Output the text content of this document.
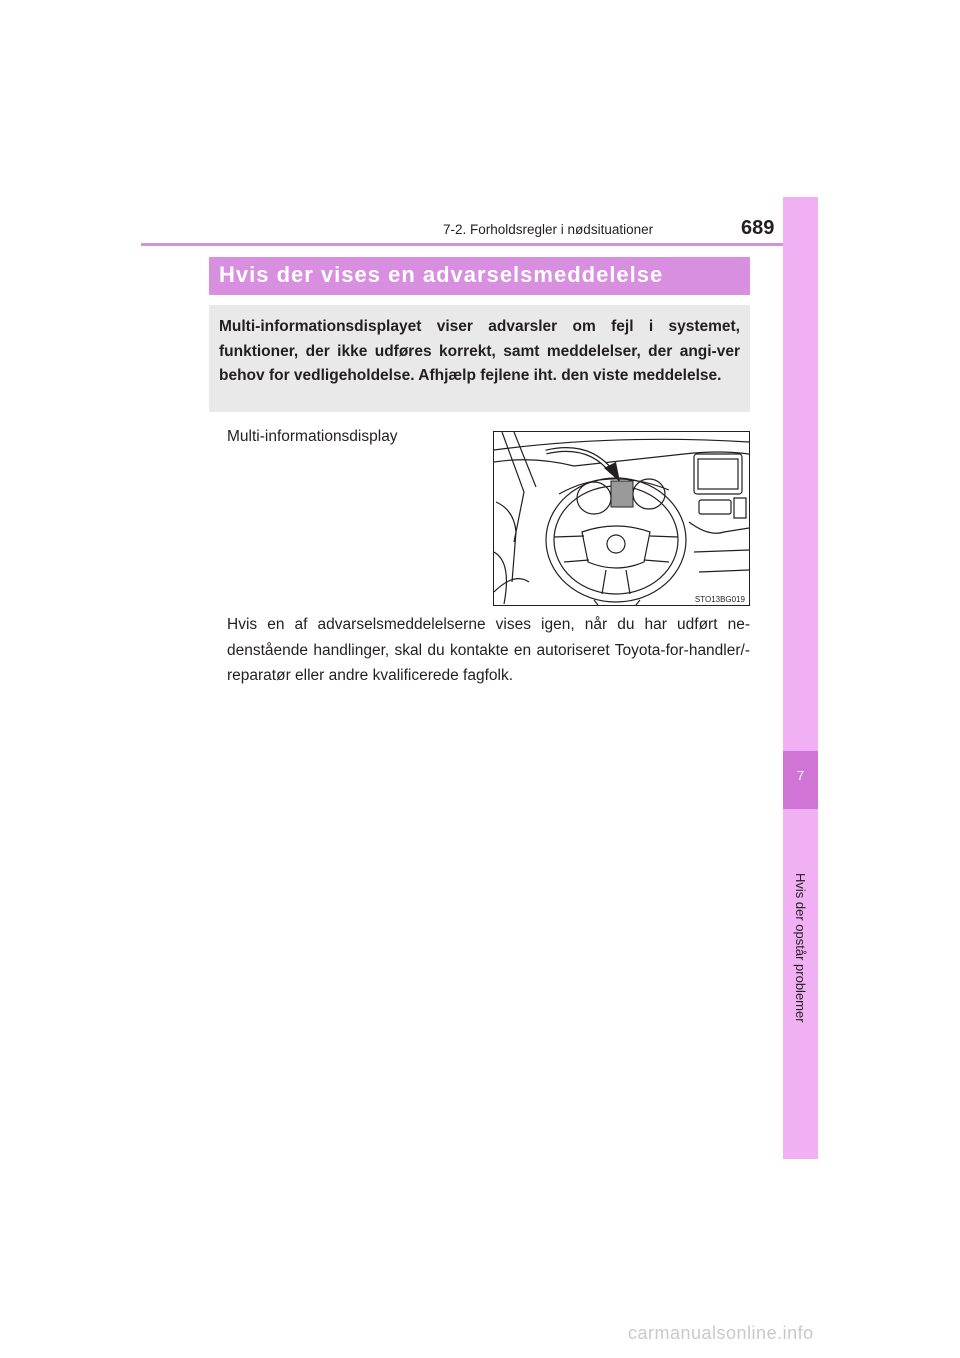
7-2. Forholdsregler i nødsituationer	689
7
Hvis der opstår problemer
Hvis der vises en advarselsmeddelelse

Multi-informationsdisplayet viser advarsler om fejl i systemet, funktioner, der ikke udføres korrekt, samt meddelelser, der angi-ver behov for vedligeholdelse. Afhjælp fejlene iht. den viste meddelelse.

Multi-informationsdisplay
STO13BG019

Hvis en af advarselsmeddelelserne vises igen, når du har udført ne-denstående handlinger, skal du kontakte en autoriseret Toyota-for-handler/-reparatør eller andre kvalificerede fagfolk.

carmanualsonline.info
